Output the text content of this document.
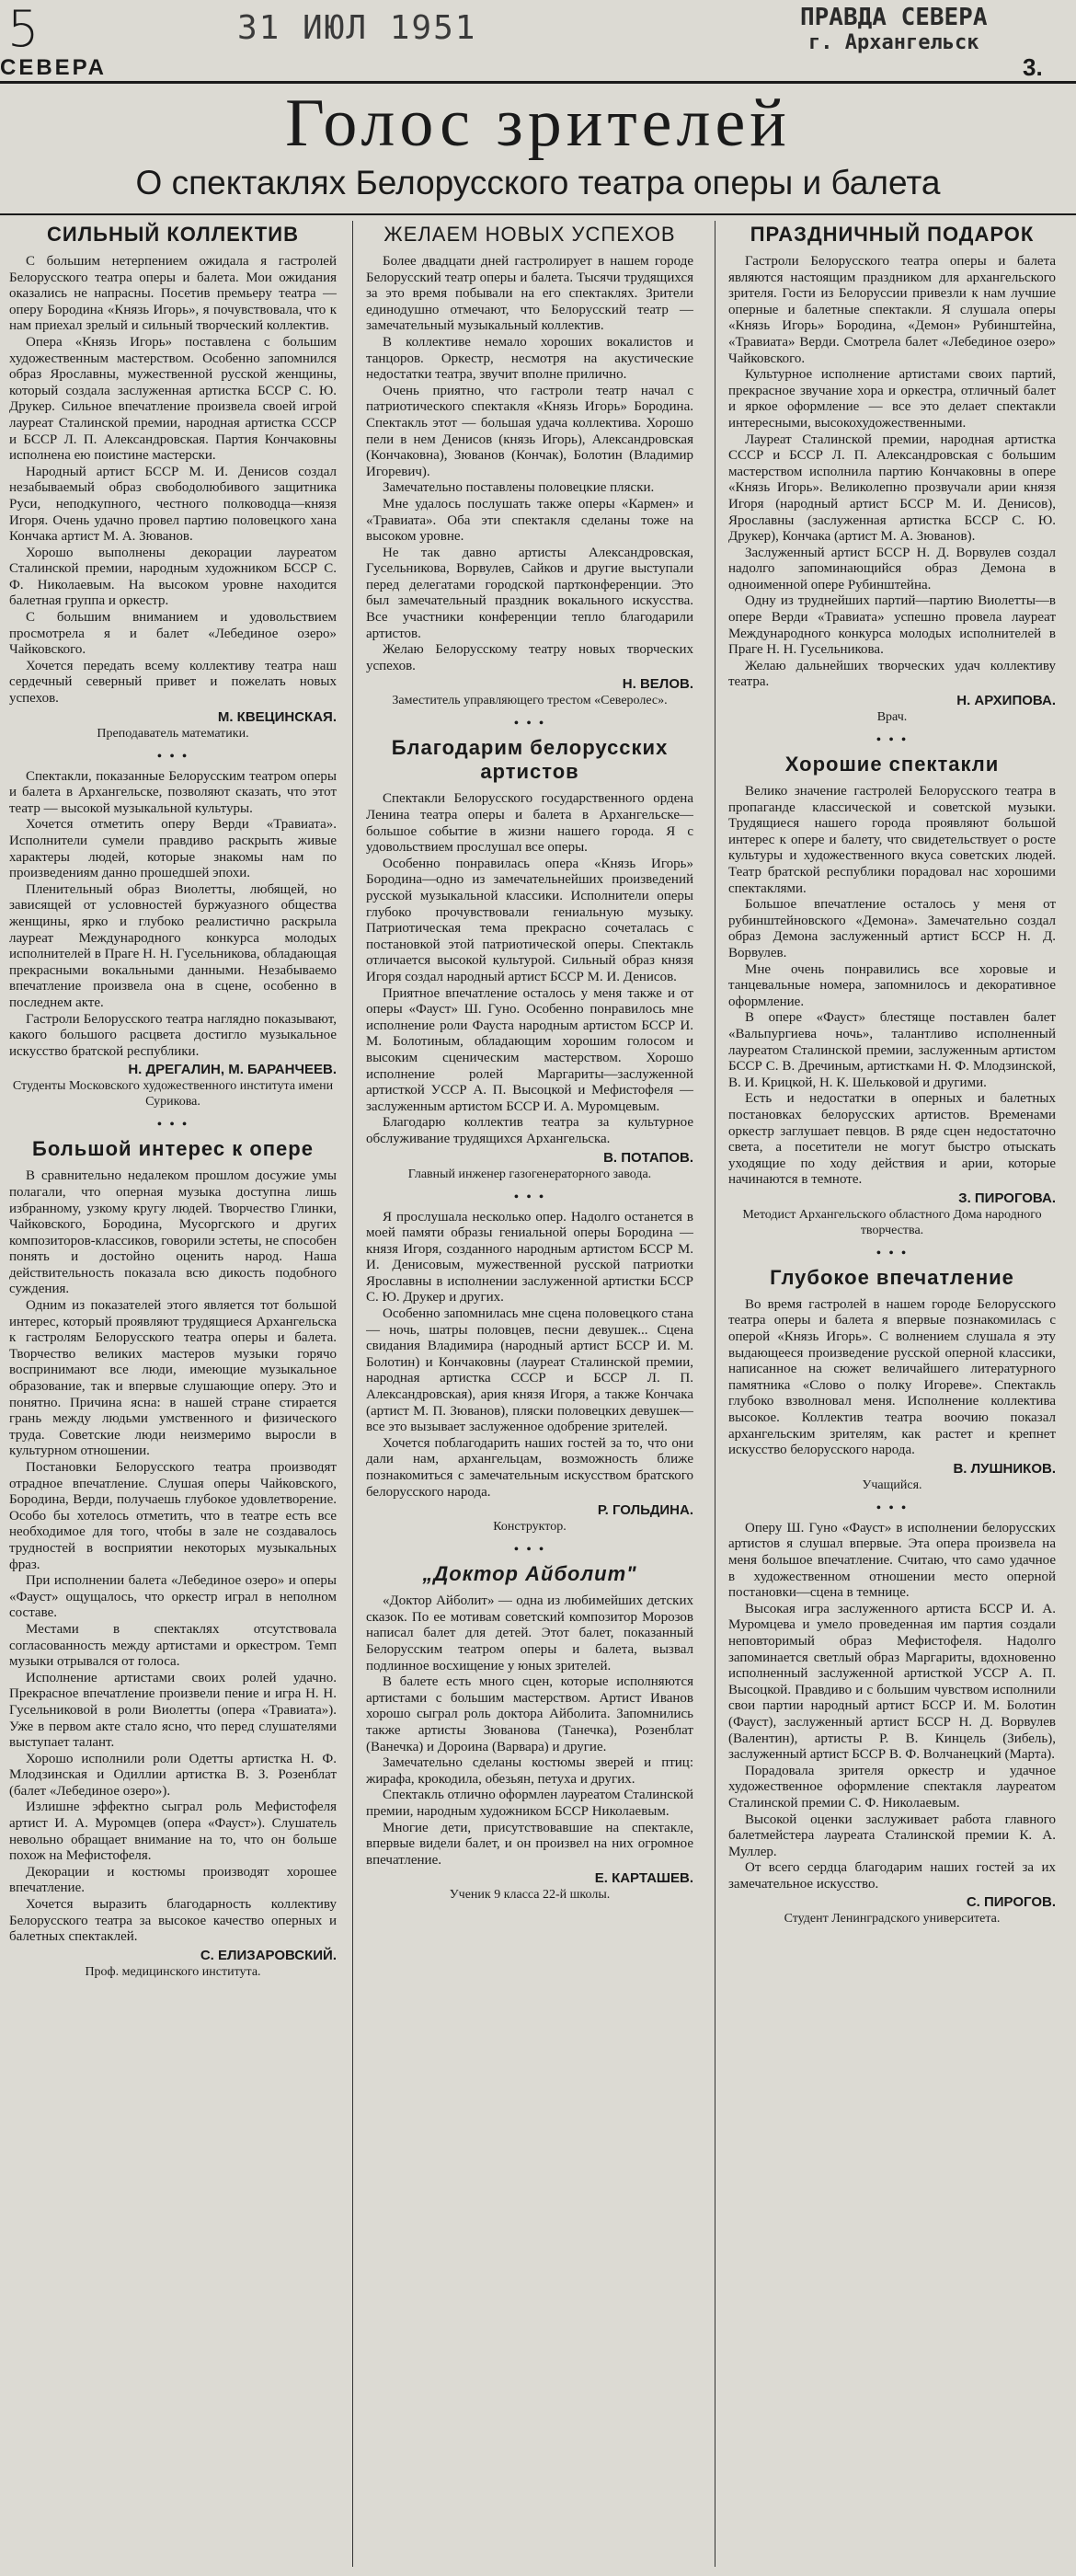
5	31 ИЮЛ 1951	ПРАВДА СЕВЕРА
г. Архангельск
СЕВЕРА	3.
Голос зрителей
О спектаклях Белорусского театра оперы и балета
СИЛЬНЫЙ КОЛЛЕКТИВ

С большим нетерпением ожидала я гастролей Белорусского театра оперы и балета. Мои ожидания оказались не напрасны. Посетив премьеру театра — оперу Бородина «Князь Игорь», я почувствовала, что к нам приехал зрелый и сильный творческий коллектив.

Опера «Князь Игорь» поставлена с большим художественным мастерством. Особенно запомнился образ Ярославны, мужественной русской женщины, который создала заслуженная артистка БССР С. Ю. Друкер. Сильное впечатление произвела своей игрой лауреат Сталинской премии, народная артистка СССР и БССР Л. П. Александровская. Партия Кончаковны исполнена ею поистине мастерски.

Народный артист БССР М. И. Денисов создал незабываемый образ свободолюбивого защитника Руси, неподкупного, честного полководца—князя Игоря. Очень удачно провел партию половецкого хана Кончака артист М. А. Зюванов.

Хорошо выполнены декорации лауреатом Сталинской премии, народным художником БССР С. Ф. Николаевым. На высоком уровне находится балетная группа и оркестр.

С большим вниманием и удовольствием просмотрела я и балет «Лебединое озеро» Чайковского.

Хочется передать всему коллективу театра наш сердечный северный привет и пожелать новых успехов.

М. КВЕЦИНСКАЯ.
Преподаватель математики.
• • •

Спектакли, показанные Белорусским театром оперы и балета в Архангельске, позволяют сказать, что этот театр — высокой музыкальной культуры.

Хочется отметить оперу Верди «Травиата». Исполнители сумели правдиво раскрыть живые характеры людей, которые знакомы нам по произведениям данно прошедшей эпохи.

Пленительный образ Виолетты, любящей, но зависящей от условностей буржуазного общества женщины, ярко и глубоко реалистично раскрыла лауреат Международного конкурса молодых исполнителей в Праге Н. Н. Гусельникова, обладающая прекрасными вокальными данными. Незабываемо впечатление произвела она в сцене, особенно в последнем акте.

Гастроли Белорусского театра наглядно показывают, какого большого расцвета достигло музыкальное искусство братской республики.

Н. ДРЕГАЛИН, М. БАРАНЧЕЕВ.
Студенты Московского художественного института имени Сурикова.
• • •
Большой интерес к опере

В сравнительно недалеком прошлом досужие умы полагали, что оперная музыка доступна лишь избранному, узкому кругу людей. Творчество Глинки, Чайковского, Бородина, Мусоргского и других композиторов-классиков, говорили эстеты, не способен понять и достойно оценить народ. Наша действительность показала всю дикость подобного суждения.

Одним из показателей этого является тот большой интерес, который проявляют трудящиеся Архангельска к гастролям Белорусского театра оперы и балета. Творчество великих мастеров музыки горячо воспринимают все люди, имеющие музыкальное образование, так и впервые слушающие оперу. Это и понятно. Причина ясна: в нашей стране стирается грань между людьми умственного и физического труда. Советские люди неизмеримо выросли в культурном отношении.

Постановки Белорусского театра производят отрадное впечатление. Слушая оперы Чайковского, Бородина, Верди, получаешь глубокое удовлетворение. Особо бы хотелось отметить, что в театре есть все необходимое для того, чтобы в зале не создавалось трудностей в восприятии некоторых музыкальных фраз.

При исполнении балета «Лебединое озеро» и оперы «Фауст» ощущалось, что оркестр играл в неполном составе.

Местами в спектаклях отсутствовала согласованность между артистами и оркестром. Темп музыки отрывался от голоса.

Исполнение артистами своих ролей удачно. Прекрасное впечатление произвели пение и игра Н. Н. Гусельниковой в роли Виолетты (опера «Травиата»). Уже в первом акте стало ясно, что перед слушателями выступает талант.

Хорошо исполнили роли Одетты артистка Н. Ф. Млодзинская и Одиллии артистка В. З. Розенблат (балет «Лебединое озеро»).

Излишне эффектно сыграл роль Мефистофеля артист И. А. Муромцев (опера «Фауст»). Слушатель невольно обращает внимание на то, что он больше похож на Мефистофеля.

Декорации и костюмы производят хорошее впечатление.

Хочется выразить благодарность коллективу Белорусского театра за высокое качество оперных и балетных спектаклей.

С. ЕЛИЗАРОВСКИЙ.
Проф. медицинского института.
ЖЕЛАЕМ НОВЫХ УСПЕХОВ

Более двадцати дней гастролирует в нашем городе Белорусский театр оперы и балета. Тысячи трудящихся за это время побывали на его спектаклях. Зрители единодушно отмечают, что Белорусский театр — замечательный музыкальный коллектив.

В коллективе немало хороших вокалистов и танцоров. Оркестр, несмотря на акустические недостатки театра, звучит вполне прилично.

Очень приятно, что гастроли театр начал с патриотического спектакля «Князь Игорь» Бородина. Спектакль этот — большая удача коллектива. Хорошо пели в нем Денисов (князь Игорь), Александровская (Кончаковна), Зюванов (Кончак), Болотин (Владимир Игоревич).

Замечательно поставлены половецкие пляски.

Мне удалось послушать также оперы «Кармен» и «Травиата». Оба эти спектакля сделаны тоже на высоком уровне.

Не так давно артисты Александровская, Гусельникова, Ворвулев, Сайков и другие выступали перед делегатами городской партконференции. Это был замечательный праздник вокального искусства. Все участники конференции тепло благодарили артистов.

Желаю Белорусскому театру новых творческих успехов.

Н. ВЕЛОВ.
Заместитель управляющего трестом «Северолес».
• • •
Благодарим белорусских артистов

Спектакли Белорусского государственного ордена Ленина театра оперы и балета в Архангельске—большое событие в жизни нашего города. Я с удовольствием прослушал все оперы.

Особенно понравилась опера «Князь Игорь» Бородина—одно из замечательнейших произведений русской музыкальной классики. Исполнители оперы глубоко прочувствовали гениальную музыку. Патриотическая тема прекрасно сочеталась с постановкой этой патриотической оперы. Спектакль отличается высокой культурой. Сильный образ князя Игоря создал народный артист БССР М. И. Денисов.

Приятное впечатление осталось у меня также и от оперы «Фауст» Ш. Гуно. Особенно понравилось мне исполнение роли Фауста народным артистом БССР И. М. Болотиным, обладающим хорошим голосом и высоким сценическим мастерством. Хорошо исполнение ролей Маргариты—заслуженной артисткой УССР А. П. Высоцкой и Мефистофеля — заслуженным артистом БССР И. А. Муромцевым.

Благодарю коллектив театра за культурное обслуживание трудящихся Архангельска.

В. ПОТАПОВ.
Главный инженер газогенераторного завода.
• • •

Я прослушала несколько опер. Надолго останется в моей памяти образы гениальной оперы Бородина — князя Игоря, созданного народным артистом БССР М. И. Денисовым, мужественной русской патриотки Ярославны в исполнении заслуженной артистки БССР С. Ю. Друкер и других.

Особенно запомнилась мне сцена половецкого стана — ночь, шатры половцев, песни девушек... Сцена свидания Владимира (народный артист БССР И. М. Болотин) и Кончаковны (лауреат Сталинской премии, народная артистка СССР и БССР Л. П. Александровская), ария князя Игоря, а также Кончака (артист М. П. Зюванов), пляски половецких девушек—все это вызывает заслуженное одобрение зрителей.

Хочется поблагодарить наших гостей за то, что они дали нам, архангельцам, возможность ближе познакомиться с замечательным искусством братского белорусского народа.

Р. ГОЛЬДИНА.
Конструктор.
• • •
„Доктор Айболит"

«Доктор Айболит» — одна из любимейших детских сказок. По ее мотивам советский композитор Морозов написал балет для детей. Этот балет, показанный Белорусским театром оперы и балета, вызвал подлинное восхищение у юных зрителей.

В балете есть много сцен, которые исполняются артистами с большим мастерством. Артист Иванов хорошо сыграл роль доктора Айболита. Запомнились также артисты Зюванова (Танечка), Розенблат (Ванечка) и Дороина (Варвара) и другие.

Замечательно сделаны костюмы зверей и птиц: жирафа, крокодила, обезьян, петуха и других.

Спектакль отлично оформлен лауреатом Сталинской премии, народным художником БССР Николаевым.

Многие дети, присутствовавшие на спектакле, впервые видели балет, и он произвел на них огромное впечатление.

Е. КАРТАШЕВ.
Ученик 9 класса 22-й школы.
ПРАЗДНИЧНЫЙ ПОДАРОК

Гастроли Белорусского театра оперы и балета являются настоящим праздником для архангельского зрителя. Гости из Белоруссии привезли к нам лучшие оперные и балетные спектакли. Я слушала оперы «Князь Игорь» Бородина, «Демон» Рубинштейна, «Травиата» Верди. Смотрела балет «Лебединое озеро» Чайковского.

Культурное исполнение артистами своих партий, прекрасное звучание хора и оркестра, отличный балет и яркое оформление — все это делает спектакли интересными, высокохудожественными.

Лауреат Сталинской премии, народная артистка СССР и БССР Л. П. Александровская с большим мастерством исполнила партию Кончаковны в опере «Князь Игорь». Великолепно прозвучали арии князя Игоря (народный артист БССР М. И. Денисов), Ярославны (заслуженная артистка БССР С. Ю. Друкер), Кончака (артист М. А. Зюванов).

Заслуженный артист БССР Н. Д. Ворвулев создал надолго запоминающийся образ Демона в одноименной опере Рубинштейна.

Одну из труднейших партий—партию Виолетты—в опере Верди «Травиата» успешно провела лауреат Международного конкурса молодых исполнителей в Праге Н. Н. Гусельникова.

Желаю дальнейших творческих удач коллективу театра.

Н. АРХИПОВА.
Врач.
• • •
Хорошие спектакли

Велико значение гастролей Белорусского театра в пропаганде классической и советской музыки. Трудящиеся нашего города проявляют большой интерес к опере и балету, что свидетельствует о росте культуры и художественного вкуса советских людей. Театр братской республики порадовал нас хорошими спектаклями.

Большое впечатление осталось у меня от рубинштейновского «Демона». Замечательно создал образ Демона заслуженный артист БССР Н. Д. Ворвулев.

Мне очень понравились все хоровые и танцевальные номера, запомнилось и декоративное оформление.

В опере «Фауст» блестяще поставлен балет «Вальпургиева ночь», талантливо исполненный лауреатом Сталинской премии, заслуженным артистом БССР С. В. Дречиным, артистками Н. Ф. Млодзинской, В. И. Крицкой, Н. К. Шельковой и другими.

Есть и недостатки в оперных и балетных постановках белорусских артистов. Временами оркестр заглушает певцов. В ряде сцен недостаточно света, а посетители не могут быстро отыскать уходящие по ходу действия и арии, которые начинаются в темноте.

З. ПИРОГОВА.
Методист Архангельского областного Дома народного творчества.
• • •
Глубокое впечатление

Во время гастролей в нашем городе Белорусского театра оперы и балета я впервые познакомилась с оперой «Князь Игорь». С волнением слушала я эту выдающееся произведение русской оперной классики, написанное на сюжет величайшего литературного памятника «Слово о полку Игореве». Спектакль глубоко взволновал меня. Исполнение коллектива высокое. Коллектив театра воочию показал архангельским зрителям, как растет и крепнет искусство белорусского народа.

В. ЛУШНИКОВ.
Учащийся.
• • •

Оперу Ш. Гуно «Фауст» в исполнении белорусских артистов я слушал впервые. Эта опера произвела на меня большое впечатление. Считаю, что само удачное в художественном отношении место оперной постановки—сцена в темнице.

Высокая игра заслуженного артиста БССР И. А. Муромцева и умело проведенная им партия создали неповторимый образ Мефистофеля. Надолго запоминается светлый образ Маргариты, вдохновенно исполненный заслуженной артисткой УССР А. П. Высоцкой. Правдиво и с большим чувством исполнили свои партии народный артист БССР И. М. Болотин (Фауст), заслуженный артист БССР Н. Д. Ворвулев (Валентин), артисты Р. В. Кинцель (Зибель), заслуженный артист БССР В. Ф. Волчанецкий (Марта).

Порадовала зрителя оркестр и удачное художественное оформление спектакля лауреатом Сталинской премии С. Ф. Николаевым.

Высокой оценки заслуживает работа главного балетмейстера лауреата Сталинской премии К. А. Муллер.

От всего сердца благодарим наших гостей за их замечательное искусство.

С. ПИРОГОВ.
Студент Ленинградского университета.
